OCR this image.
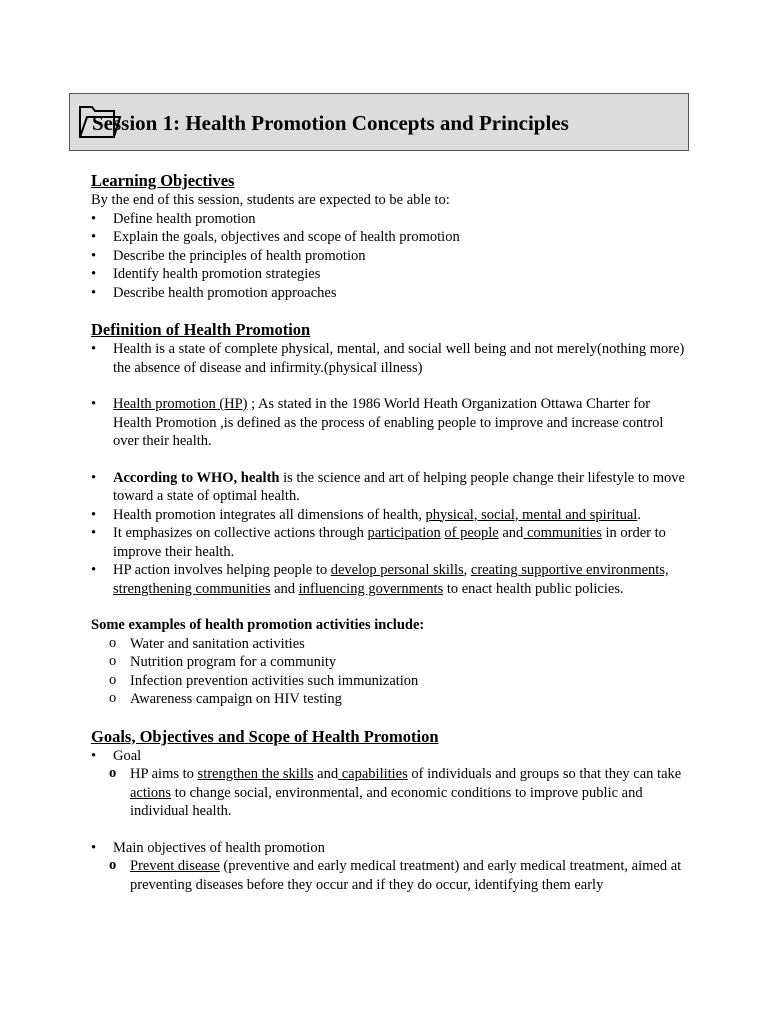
Session 1: Health Promotion Concepts and Principles
Learning Objectives

By the end of this session, students are expected to be able to:

• Define health promotion
• Explain the goals, objectives and scope of health promotion
• Describe the principles of health promotion
• Identify health promotion strategies
• Describe health promotion approaches
Definition of Health Promotion
• Health is a state of complete physical, mental, and social well being and not merely(nothing more) the absence of disease and infirmity.(physical illness)
• Health promotion (HP) ; As stated in the 1986 World Heath Organization Ottawa Charter for Health Promotion ,is defined as the process of enabling people to improve and increase control over their health.
• According to WHO, health is the science and art of helping people change their lifestyle to move toward a state of optimal health.
• Health promotion integrates all dimensions of health, physical, social, mental and spiritual.
• It emphasizes on collective actions through participation of people and communities in order to improve their health.
• HP action involves helping people to develop personal skills, creating supportive environments, strengthening communities and influencing governments to enact health public policies.

Some examples of health promotion activities include:

o Water and sanitation activities
o Nutrition program for a community
o Infection prevention activities such immunization
o Awareness campaign on HIV testing
Goals, Objectives and Scope of Health Promotion
• Goal
o HP aims to strengthen the skills and capabilities of individuals and groups so that they can take actions to change social, environmental, and economic conditions to improve public and individual health.
• Main objectives of health promotion
o Prevent disease (preventive and early medical treatment) and early medical treatment, aimed at preventing diseases before they occur and if they do occur, identifying them early
